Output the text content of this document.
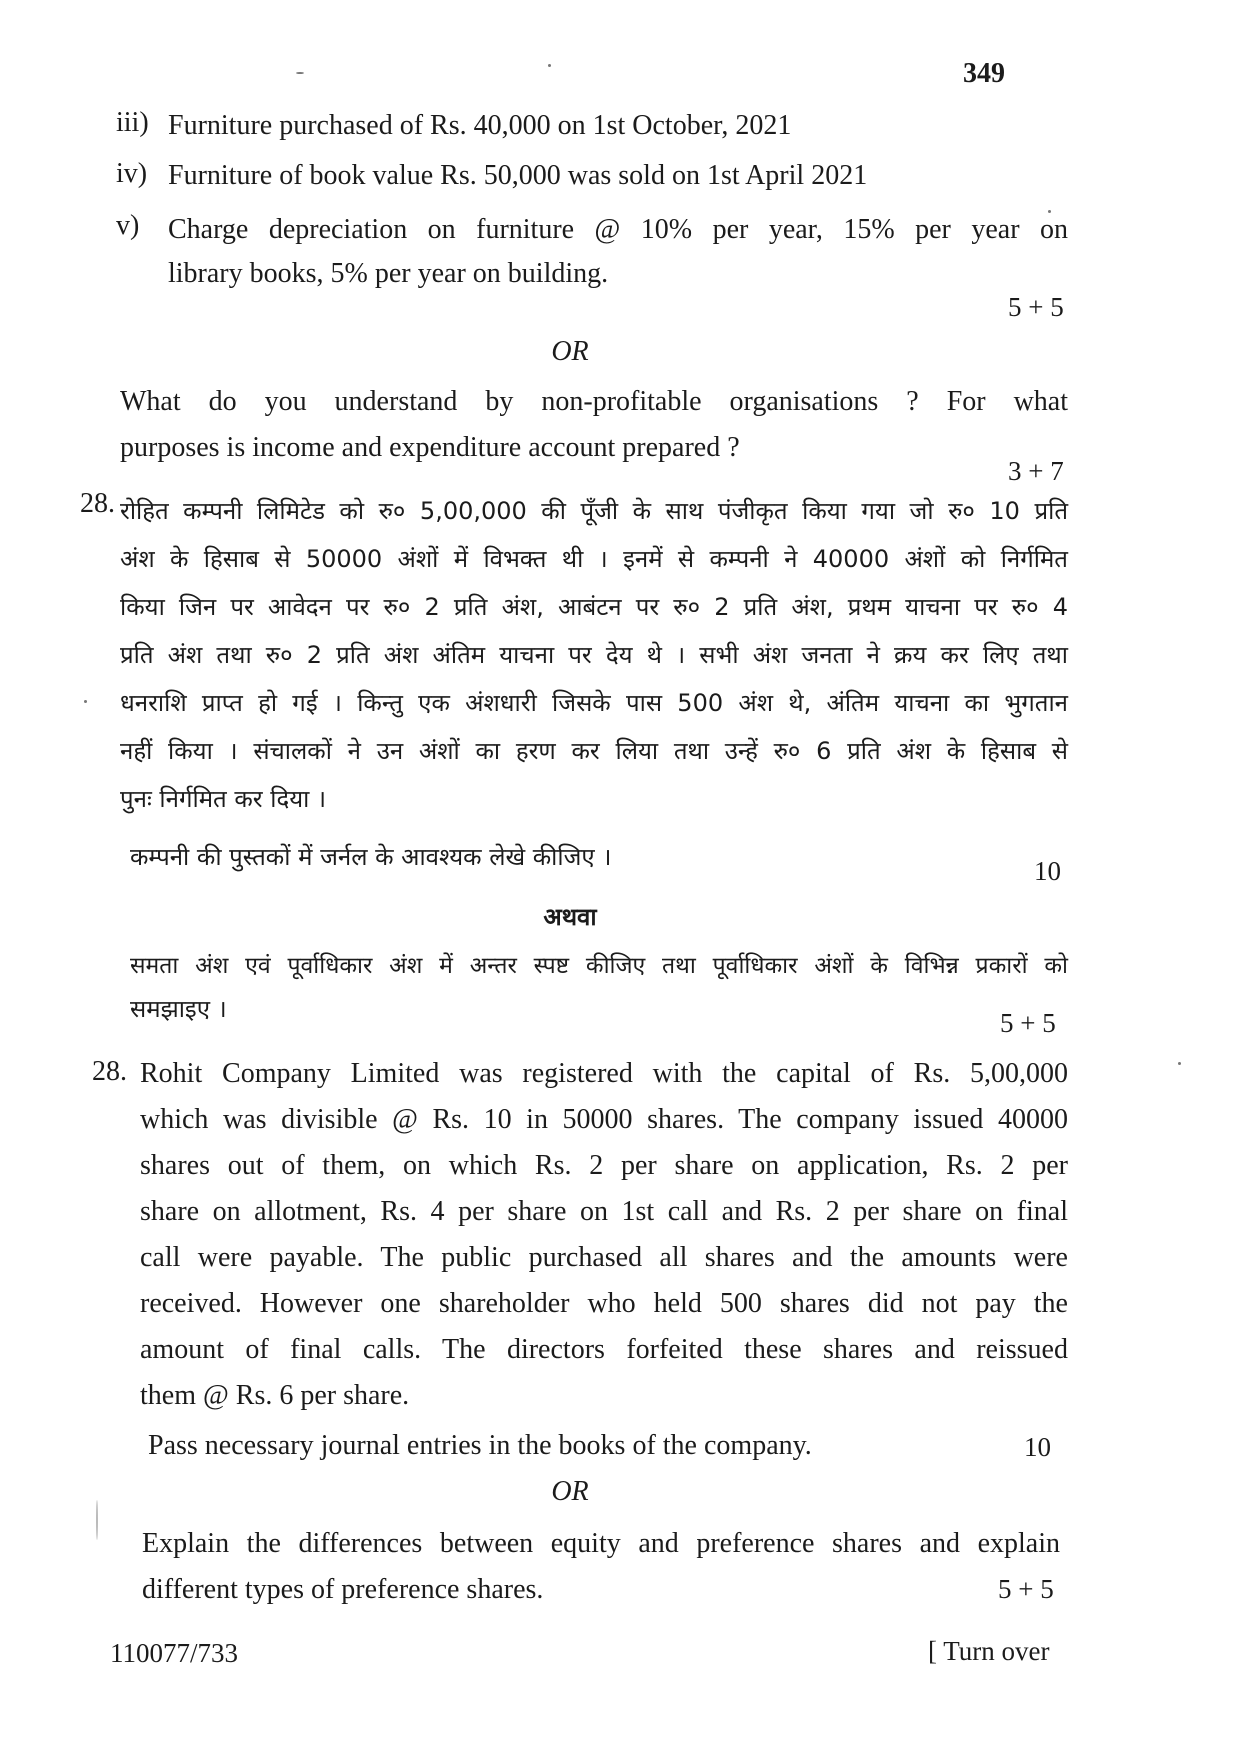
349
iii) Furniture purchased of Rs. 40,000 on 1st October, 2021
iv) Furniture of book value Rs. 50,000 was sold on 1st April 2021
v)	Charge depreciation on furniture @ 10% per year, 15% per year on
library books, 5% per year on building.
5 + 5
OR
What do you understand by non-profitable organisations ? For what
purposes is income and expenditure account prepared ?
3 + 7
28. रोहित कम्पनी लिमिटेड को रु० 5,00,000 की पूँजी के साथ पंजीकृत किया गया जो रु० 10 प्रति
अंश के हिसाब से 50000 अंशों में विभक्त थी । इनमें से कम्पनी ने 40000 अंशों को निर्गमित
किया जिन पर आवेदन पर रु० 2 प्रति अंश, आबंटन पर रु० 2 प्रति अंश, प्रथम याचना पर रु० 4
प्रति अंश तथा रु० 2 प्रति अंश अंतिम याचना पर देय थे । सभी अंश जनता ने क्रय कर लिए तथा
धनराशि प्राप्त हो गई । किन्तु एक अंशधारी जिसके पास 500 अंश थे, अंतिम याचना का भुगतान
नहीं किया । संचालकों ने उन अंशों का हरण कर लिया तथा उन्हें रु० 6 प्रति अंश के हिसाब से
पुनः निर्गमित कर दिया ।
कम्पनी की पुस्तकों में जर्नल के आवश्यक लेखे कीजिए ।	10
अथवा
समता अंश एवं पूर्वाधिकार अंश में अन्तर स्पष्ट कीजिए तथा पूर्वाधिकार अंशों के विभिन्न प्रकारों को
समझाइए ।	5 + 5
28. Rohit Company Limited was registered with the capital of Rs. 5,00,000
which was divisible @ Rs. 10 in 50000 shares. The company issued 40000
shares out of them, on which Rs. 2 per share on application, Rs. 2 per
share on allotment, Rs. 4 per share on 1st call and Rs. 2 per share on final
call were payable. The public purchased all shares and the amounts were
received. However one shareholder who held 500 shares did not pay the
amount of final calls. The directors forfeited these shares and reissued
them @ Rs. 6 per share.
Pass necessary journal entries in the books of the company.	10
OR
Explain the differences between equity and preference shares and explain
different types of preference shares.	5 + 5
110077/733	[ Turn over
